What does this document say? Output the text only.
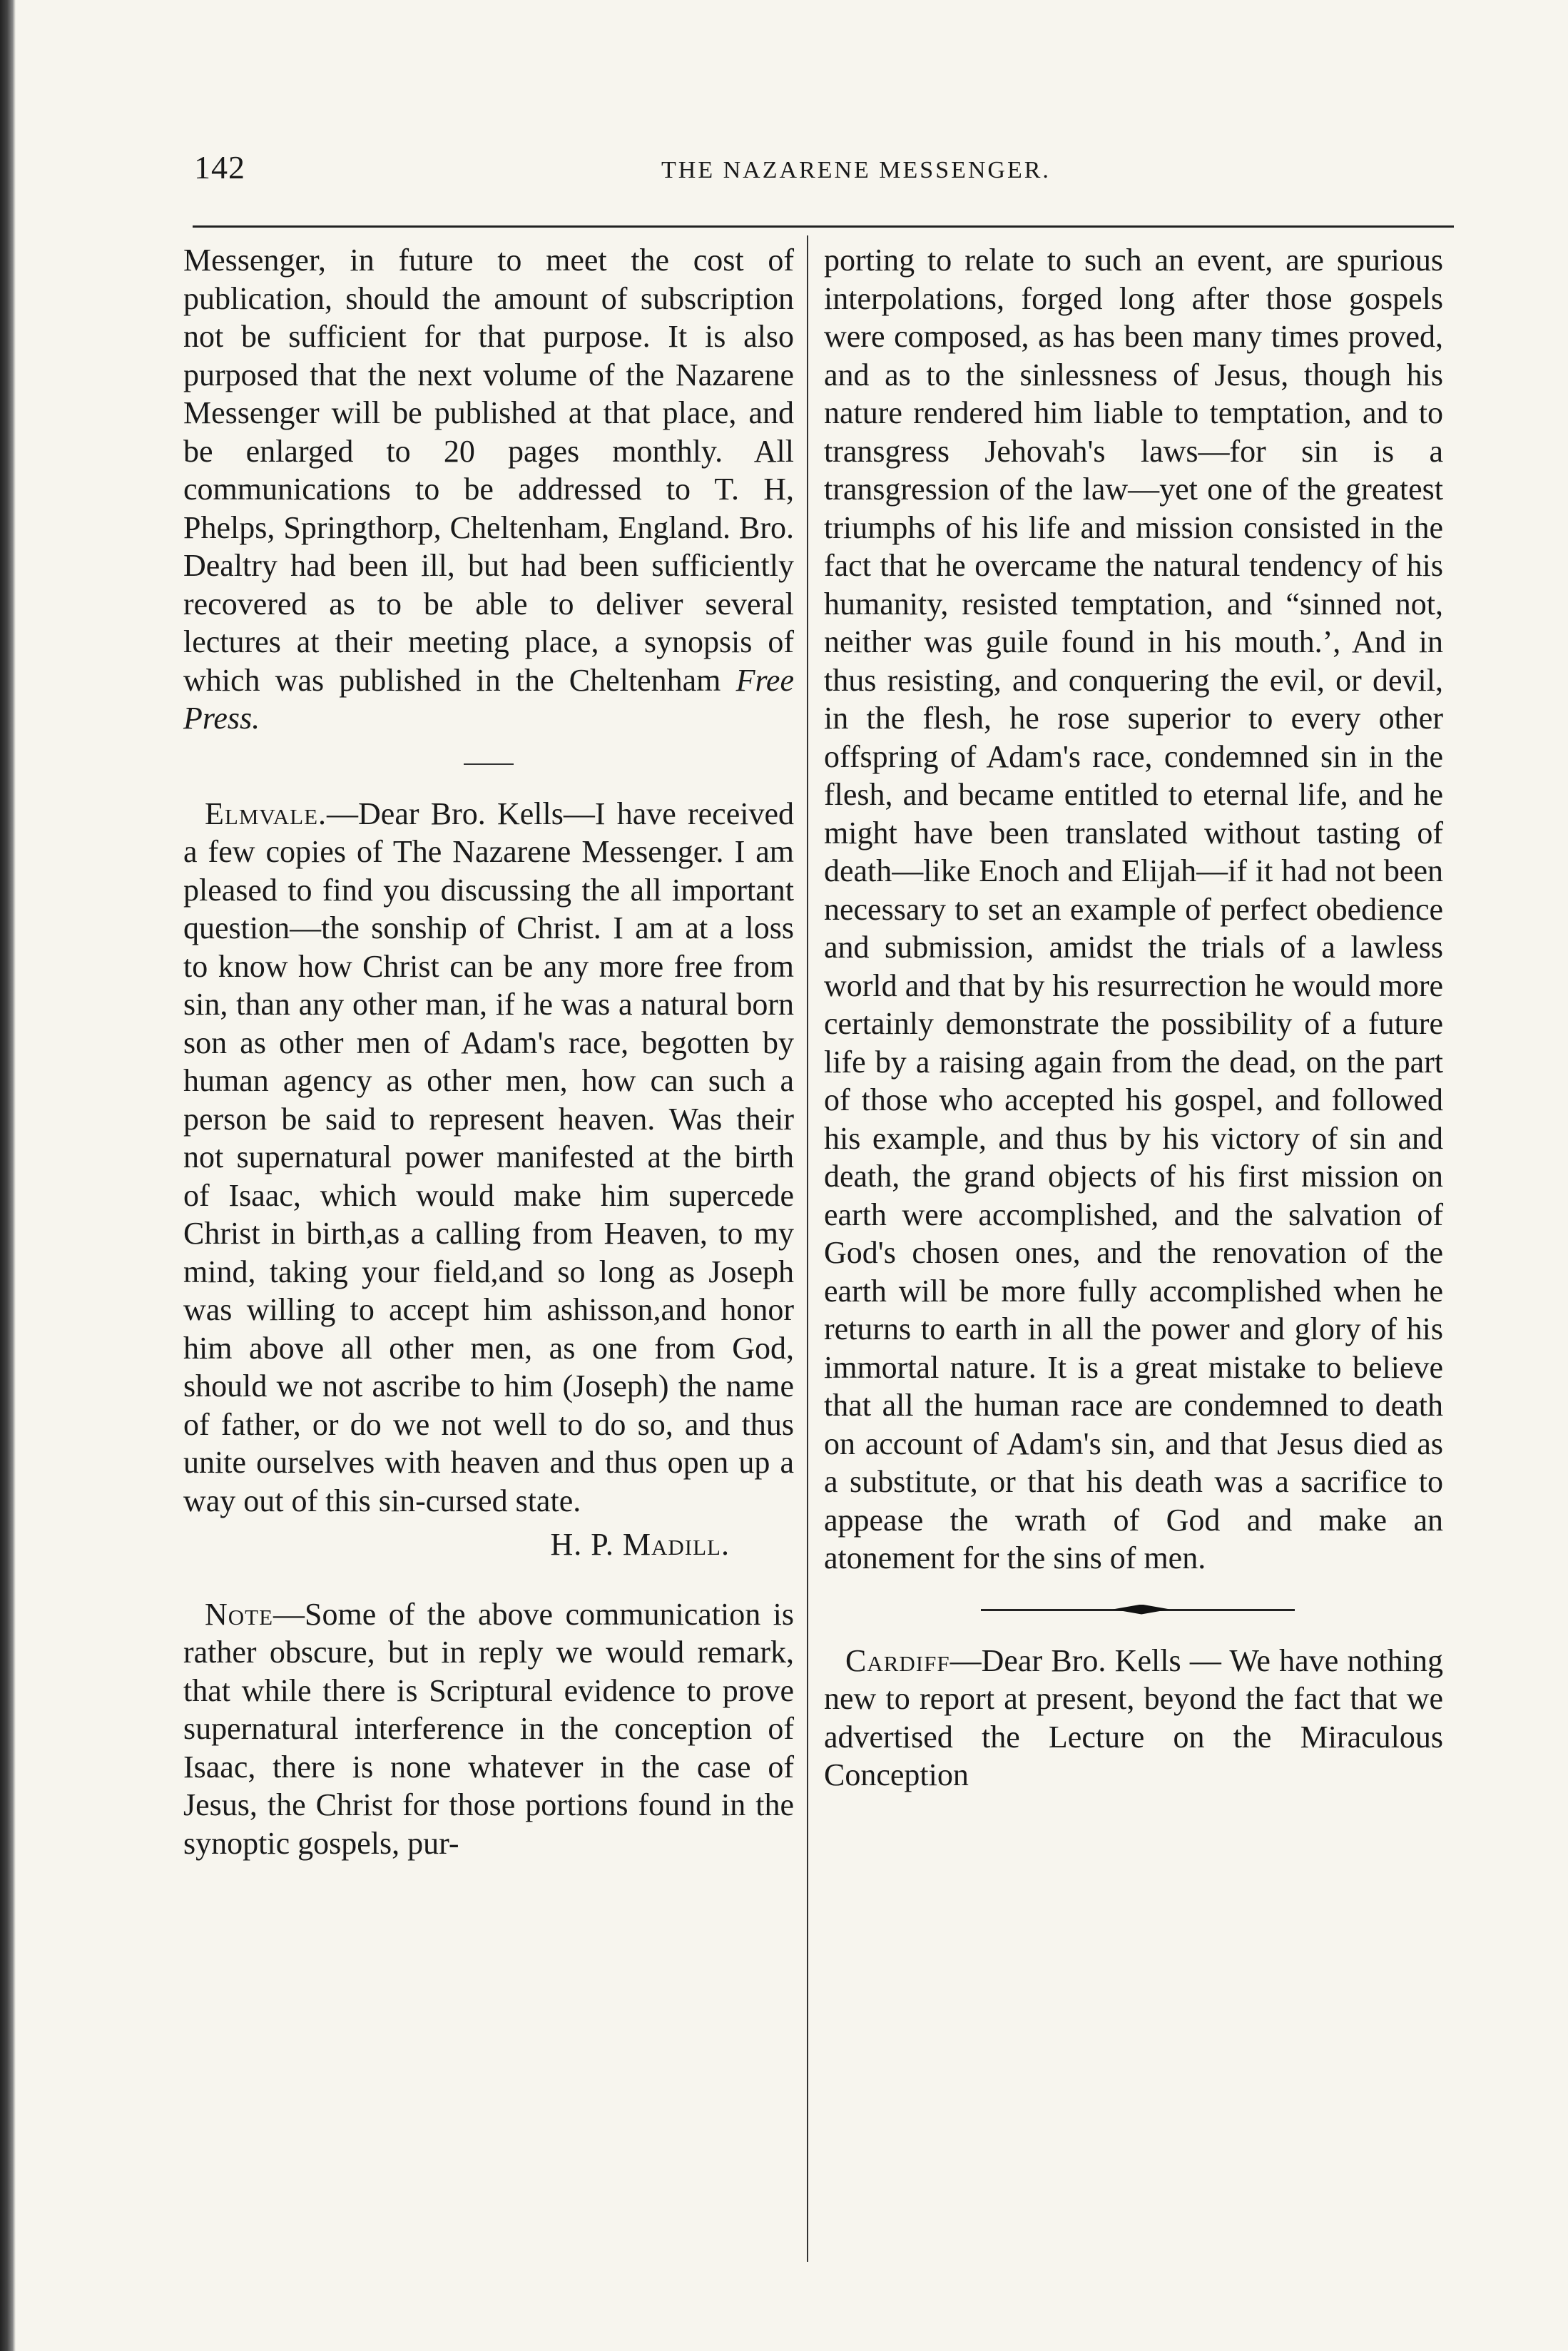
142	THE NAZARENE MESSENGER.

Messenger, in future to meet the cost of publication, should the amount of subscription not be sufficient for that purpose. It is also purposed that the next volume of the Nazarene Messenger will be published at that place, and be enlarged to 20 pages monthly. All communications to be addressed to T. H, Phelps, Springthorp, Cheltenham, England. Bro. Dealtry had been ill, but had been sufficiently recovered as to be able to deliver several lectures at their meeting place, a synopsis of which was published in the Cheltenham Free Press.

Elmvale.—Dear Bro. Kells—I have received a few copies of The Nazarene Messenger. I am pleased to find you discussing the all important question—the sonship of Christ. I am at a loss to know how Christ can be any more free from sin, than any other man, if he was a natural born son as other men of Adam's race, begotten by human agency as other men, how can such a person be said to represent heaven. Was their not supernatural power manifested at the birth of Isaac, which would make him supercede Christ in birth,as a calling from Heaven, to my mind, taking your field,and so long as Joseph was willing to accept him ashisson,and honor him above all other men, as one from God, should we not ascribe to him (Joseph) the name of father, or do we not well to do so, and thus unite ourselves with heaven and thus open up a way out of this sin-cursed state.

H. P. Madill.

Note—Some of the above communication is rather obscure, but in reply we would remark, that while there is Scriptural evidence to prove supernatural interference in the conception of Isaac, there is none whatever in the case of Jesus, the Christ for those portions found in the synoptic gospels, pur-

porting to relate to such an event, are spurious interpolations, forged long after those gospels were composed, as has been many times proved, and as to the sinlessness of Jesus, though his nature rendered him liable to temptation, and to transgress Jehovah's laws—for sin is a transgression of the law—yet one of the greatest triumphs of his life and mission consisted in the fact that he overcame the natural tendency of his humanity, resisted temptation, and “sinned not, neither was guile found in his mouth.’, And in thus resisting, and conquering the evil, or devil, in the flesh, he rose superior to every other offspring of Adam's race, condemned sin in the flesh, and became entitled to eternal life, and he might have been translated without tasting of death—like Enoch and Elijah—if it had not been necessary to set an example of perfect obedience and submission, amidst the trials of a lawless world and that by his resurrection he would more certainly demonstrate the possibility of a future life by a raising again from the dead, on the part of those who accepted his gospel, and followed his example, and thus by his victory of sin and death, the grand objects of his first mission on earth were accomplished, and the salvation of God's chosen ones, and the renovation of the earth will be more fully accomplished when he returns to earth in all the power and glory of his immortal nature. It is a great mistake to believe that all the human race are condemned to death on account of Adam's sin, and that Jesus died as a substitute, or that his death was a sacrifice to appease the wrath of God and make an atonement for the sins of men.

Cardiff—Dear Bro. Kells — We have nothing new to report at present, beyond the fact that we advertised the Lecture on the Miraculous Conception
